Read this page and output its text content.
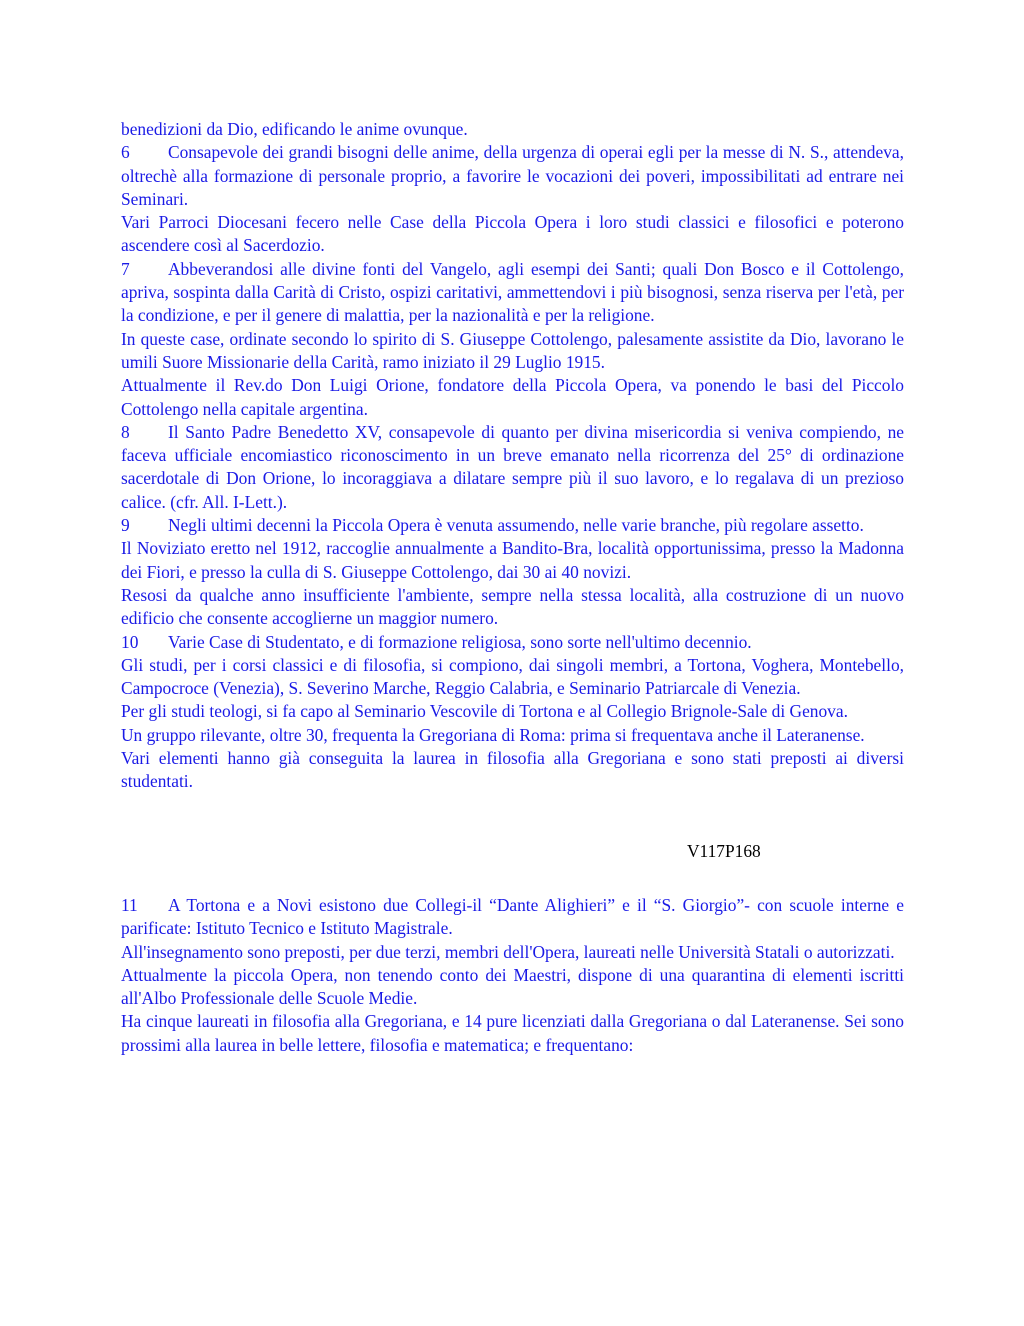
benedizioni da Dio, edificando le anime ovunque.

6 Consapevole dei grandi bisogni delle anime, della urgenza di operai egli per la messe di N. S., attendeva, oltrechè alla formazione di personale proprio, a favorire le vocazioni dei poveri, impossibilitati ad entrare nei Seminari.

Vari Parroci Diocesani fecero nelle Case della Piccola Opera i loro studi classici e filosofici e poterono ascendere così al Sacerdozio.

7 Abbeverandosi alle divine fonti del Vangelo, agli esempi dei Santi; quali Don Bosco e il Cottolengo, apriva, sospinta dalla Carità di Cristo, ospizi caritativi, ammettendovi i più bisognosi, senza riserva per l'età, per la condizione, e per il genere di malattia, per la nazionalità e per la religione.

In queste case, ordinate secondo lo spirito di S. Giuseppe Cottolengo, palesamente assistite da Dio, lavorano le umili Suore Missionarie della Carità, ramo iniziato il 29 Luglio 1915.

Attualmente il Rev.do Don Luigi Orione, fondatore della Piccola Opera, va ponendo le basi del Piccolo Cottolengo nella capitale argentina.

8 Il Santo Padre Benedetto XV, consapevole di quanto per divina misericordia si veniva compiendo, ne faceva ufficiale encomiastico riconoscimento in un breve emanato nella ricorrenza del 25° di ordinazione sacerdotale di Don Orione, lo incoraggiava a dilatare sempre più il suo lavoro, e lo regalava di un prezioso calice. (cfr. All. I-Lett.).

9 Negli ultimi decenni la Piccola Opera è venuta assumendo, nelle varie branche, più regolare assetto.

Il Noviziato eretto nel 1912, raccoglie annualmente a Bandito-Bra, località opportunissima, presso la Madonna dei Fiori, e presso la culla di S. Giuseppe Cottolengo, dai 30 ai 40 novizi.

Resosi da qualche anno insufficiente l'ambiente, sempre nella stessa località, alla costruzione di un nuovo edificio che consente accoglierne un maggior numero.

10 Varie Case di Studentato, e di formazione religiosa, sono sorte nell'ultimo decennio.

Gli studi, per i corsi classici e di filosofia, si compiono, dai singoli membri, a Tortona, Voghera, Montebello, Campocroce (Venezia), S. Severino Marche, Reggio Calabria, e Seminario Patriarcale di Venezia.

Per gli studi teologi, si fa capo al Seminario Vescovile di Tortona e al Collegio Brignole-Sale di Genova.

Un gruppo rilevante, oltre 30, frequenta la Gregoriana di Roma: prima si frequentava anche il Lateranense.

Vari elementi hanno già conseguita la laurea in filosofia alla Gregoriana e sono stati preposti ai diversi studentati.

V117P168

11 A Tortona e a Novi esistono due Collegi-il “Dante Alighieri” e il “S. Giorgio”- con scuole interne e parificate: Istituto Tecnico e Istituto Magistrale.

All'insegnamento sono preposti, per due terzi, membri dell'Opera, laureati nelle Università Statali o autorizzati.

Attualmente la piccola Opera, non tenendo conto dei Maestri, dispone di una quarantina di elementi iscritti all'Albo Professionale delle Scuole Medie.

Ha cinque laureati in filosofia alla Gregoriana, e 14 pure licenziati dalla Gregoriana o dal Lateranense. Sei sono prossimi alla laurea in belle lettere, filosofia e matematica; e frequentano:
